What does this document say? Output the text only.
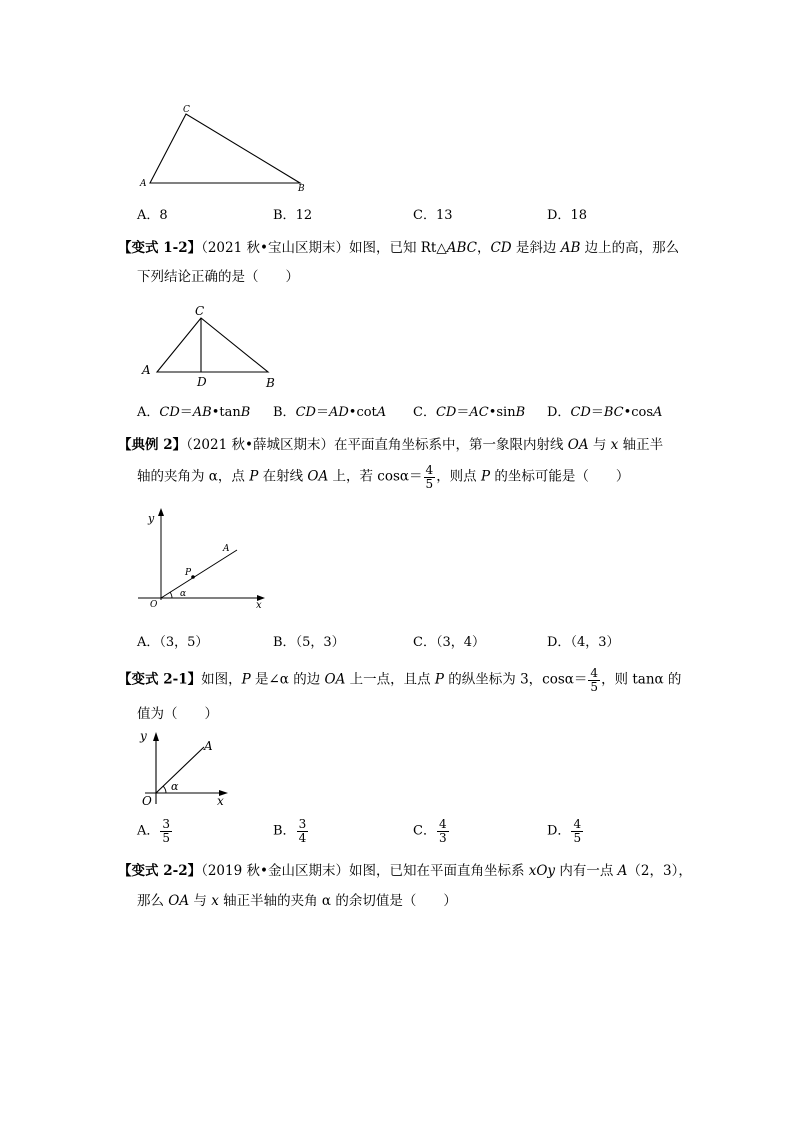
A	B
C
A．8	B．12	C．13	D．18
【变式 1-2】（2021 秋•宝山区期末）如图，已知 Rt△ABC，CD 是斜边 AB 边上的高，那么
下列结论正确的是（　　）
A
B
C
D
A．CD＝AB•tanB B．CD＝AD•cotA C．CD＝AC•sinB D．CD＝BC•cosA
【典例 2】（2021 秋•薛城区期末）在平面直角坐标系中，第一象限内射线 OA 与 x 轴正半
轴的夹角为 α，点 P 在射线 OA 上，若 $\cos\alpha= \frac{4}{5}$ ，则点 P 的坐标可能是（　　）
y
A
P
O
α
x
A．（3，5）	B．（5，3）	C．（3，4）	D．（4，3）
【变式 2-1】如图，P 是∠α 的边 OA 上一点，且点 P 的纵坐标为 3，$\cos\alpha= \frac{4}{5}$ ，则 tanα 的
值为（　　）
y
A
O
α
x
A． $\frac{3}{5}$	B． $\frac{3}{4}$	C． $\frac{4}{3}$	D． $\frac{4}{5}$
【变式 2-2】（2019 秋•金山区期末）如图，已知在平面直角坐标系 xOy 内有一点 A（2，3），
那么 OA 与 x 轴正半轴的夹角 α 的余切值是（　　）
